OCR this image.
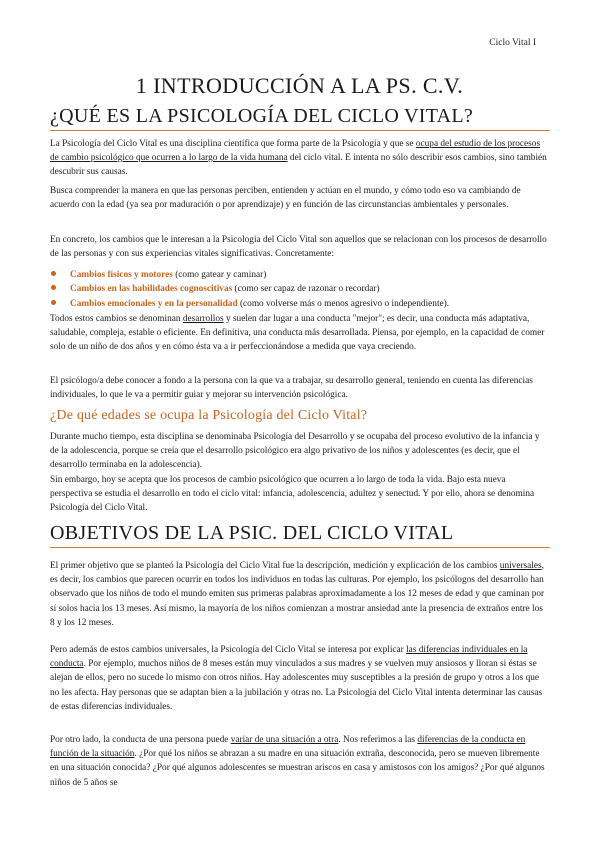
Ciclo Vital I
1 INTRODUCCIÓN A LA PS. C.V.
¿QUÉ ES LA PSICOLOGÍA DEL CICLO VITAL?

La Psicología del Ciclo Vital es una disciplina científica que forma parte de la Psicología y que se ocupa del estudio de los procesos de cambio psicológico que ocurren a lo largo de la vida humana del ciclo vital. E intenta no sólo describir esos cambios, sino también descubrir sus causas.

Busca comprender la manera en que las personas perciben, entienden y actúan en el mundo, y cómo todo eso va cambiando de acuerdo con la edad (ya sea por maduración o por aprendizaje) y en función de las circunstancias ambientales y personales.

En concreto, los cambios que le interesan a la Psicología del Ciclo Vital son aquellos que se relacionan con los procesos de desarrollo de las personas y con sus experiencias vitales significativas. Concretamente:

Cambios físicos y motores (como gatear y caminar)
Cambios en las habilidades cognoscitivas (como ser capaz de razonar o recordar)
Cambios emocionales y en la personalidad (como volverse más o menos agresivo o independiente).

Todos estos cambios se denominan desarrollos y suelen dar lugar a una conducta "mejor"; es decir, una conducta más adaptativa, saludable, compleja, estable o eficiente. En definitiva, una conducta más desarrollada. Piensa, por ejemplo, en la capacidad de comer solo de un niño de dos años y en cómo ésta va a ir perfeccionándose a medida que vaya creciendo.

El psicólogo/a debe conocer a fondo a la persona con la que va a trabajar, su desarrollo general, teniendo en cuenta las diferencias individuales, lo que le va a permitir guiar y mejorar su intervención psicológica.

¿De qué edades se ocupa la Psicología del Ciclo Vital?

Durante mucho tiempo, esta disciplina se denominaba Psicología del Desarrollo y se ocupaba del proceso evolutivo de la infancia y de la adolescencia, porque se creía que el desarrollo psicológico era algo privativo de los niños y adolescentes (es decir, que el desarrollo terminaba en la adolescencia).

Sin embargo, hoy se acepta que los procesos de cambio psicológico que ocurren a lo largo de toda la vida. Bajo esta nueva perspectiva se estudia el desarrollo en todo el ciclo vital: infancia, adolescencia, adultez y senectud. Y por ello, ahora se denomina Psicología del Ciclo Vital.

OBJETIVOS DE LA PSIC. DEL CICLO VITAL

El primer objetivo que se planteó la Psicología del Ciclo Vital fue la descripción, medición y explicación de los cambios universales, es decir, los cambios que parecen ocurrir en todos los individuos en todas las culturas. Por ejemplo, los psicólogos del desarrollo han observado que los niños de todo el mundo emiten sus primeras palabras aproximadamente a los 12 meses de edad y que caminan por sí solos hacia los 13 meses. Así mismo, la mayoría de los niños comienzan a mostrar ansiedad ante la presencia de extraños entre los 8 y los 12 meses.

Pero además de estos cambios universales, la Psicología del Ciclo Vital se interesa por explicar las diferencias individuales en la conducta. Por ejemplo, muchos niños de 8 meses están muy vinculados a sus madres y se vuelven muy ansiosos y lloran si éstas se alejan de ellos, pero no sucede lo mismo con otros niños. Hay adolescentes muy susceptibles a la presión de grupo y otros a los que no les afecta. Hay personas que se adaptan bien a la jubilación y otras no. La Psicología del Ciclo Vital intenta determinar las causas de estas diferencias individuales.

Por otro lado, la conducta de una persona puede variar de una situación a otra. Nos referimos a las diferencias de la conducta en función de la situación. ¿Por qué los niños se abrazan a su madre en una situación extraña, desconocida, pero se mueven libremente en una situación conocida? ¿Por qué algunos adolescentes se muestran ariscos en casa y amistosos con los amigos? ¿Por qué algunos niños de 5 años se
